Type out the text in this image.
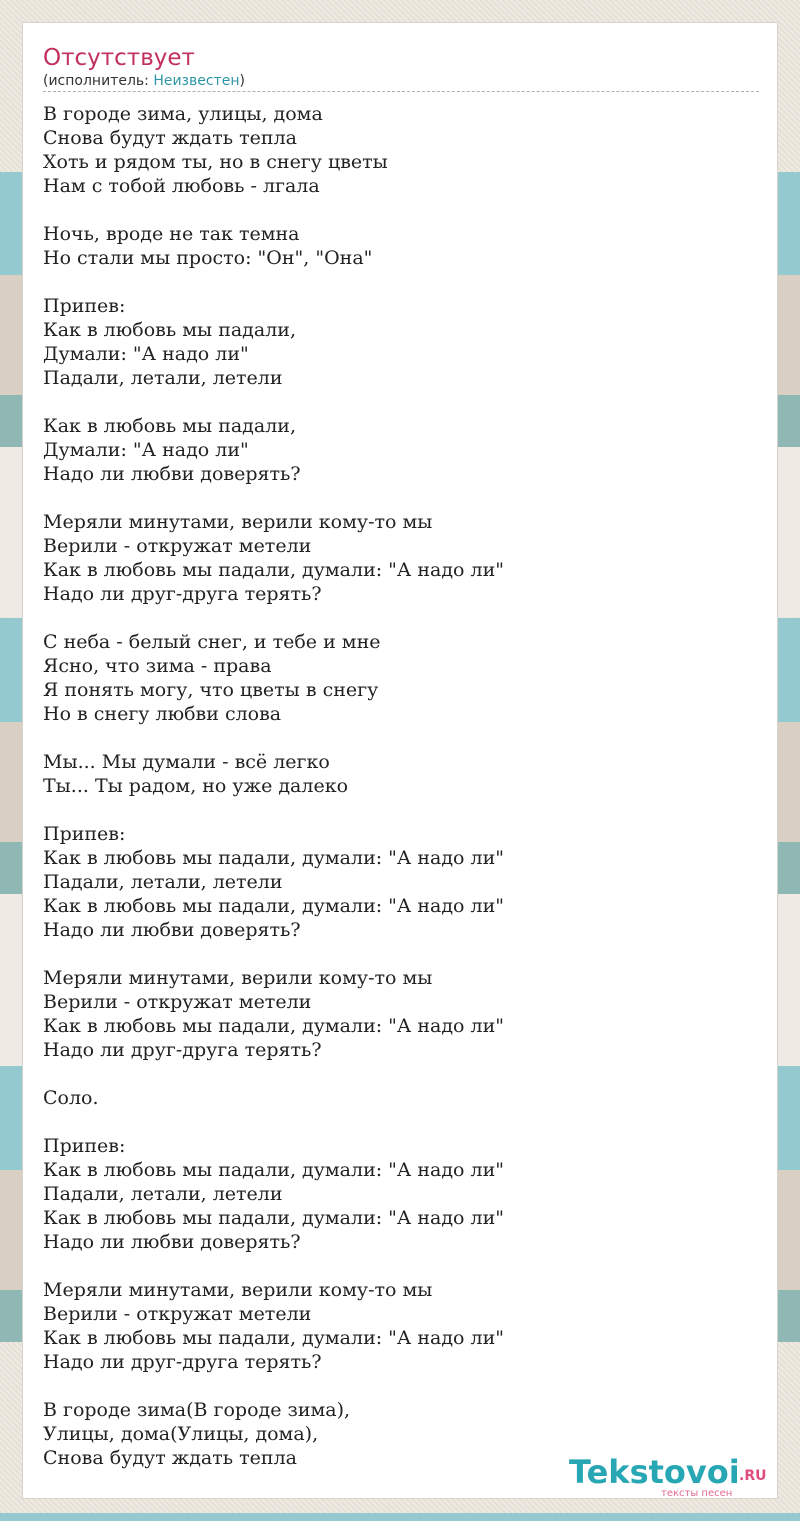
Отсутствует
(исполнитель: Неизвестен)
В городе зима, улицы, дома
Снова будут ждать тепла
Хоть и рядом ты, но в снегу цветы
Нам с тобой любовь - лгала

Ночь, вроде не так темна
Но стали мы просто: "Он", "Она"

Припев:
Как в любовь мы падали,
Думали: "А надо ли"
Падали, летали, летели

Как в любовь мы падали,
Думали: "А надо ли"
Надо ли любви доверять?

Меряли минутами, верили кому-то мы
Верили - откружат метели
Как в любовь мы падали, думали: "А надо ли"
Надо ли друг-друга терять?

С неба - белый снег, и тебе и мне
Ясно, что зима - права
Я понять могу, что цветы в снегу
Но в снегу любви слова

Мы... Мы думали - всё легко
Ты... Ты радом, но уже далеко

Припев:
Как в любовь мы падали, думали: "А надо ли"
Падали, летали, летели
Как в любовь мы падали, думали: "А надо ли"
Надо ли любви доверять?

Меряли минутами, верили кому-то мы
Верили - откружат метели
Как в любовь мы падали, думали: "А надо ли"
Надо ли друг-друга терять?

Соло.

Припев:
Как в любовь мы падали, думали: "А надо ли"
Падали, летали, летели
Как в любовь мы падали, думали: "А надо ли"
Надо ли любви доверять?

Меряли минутами, верили кому-то мы
Верили - откружат метели
Как в любовь мы падали, думали: "А надо ли"
Надо ли друг-друга терять?

В городе зима(В городе зима),
Улицы, дома(Улицы, дома),
Снова будут ждать тепла	Tekstovoi .RU
тексты песен
